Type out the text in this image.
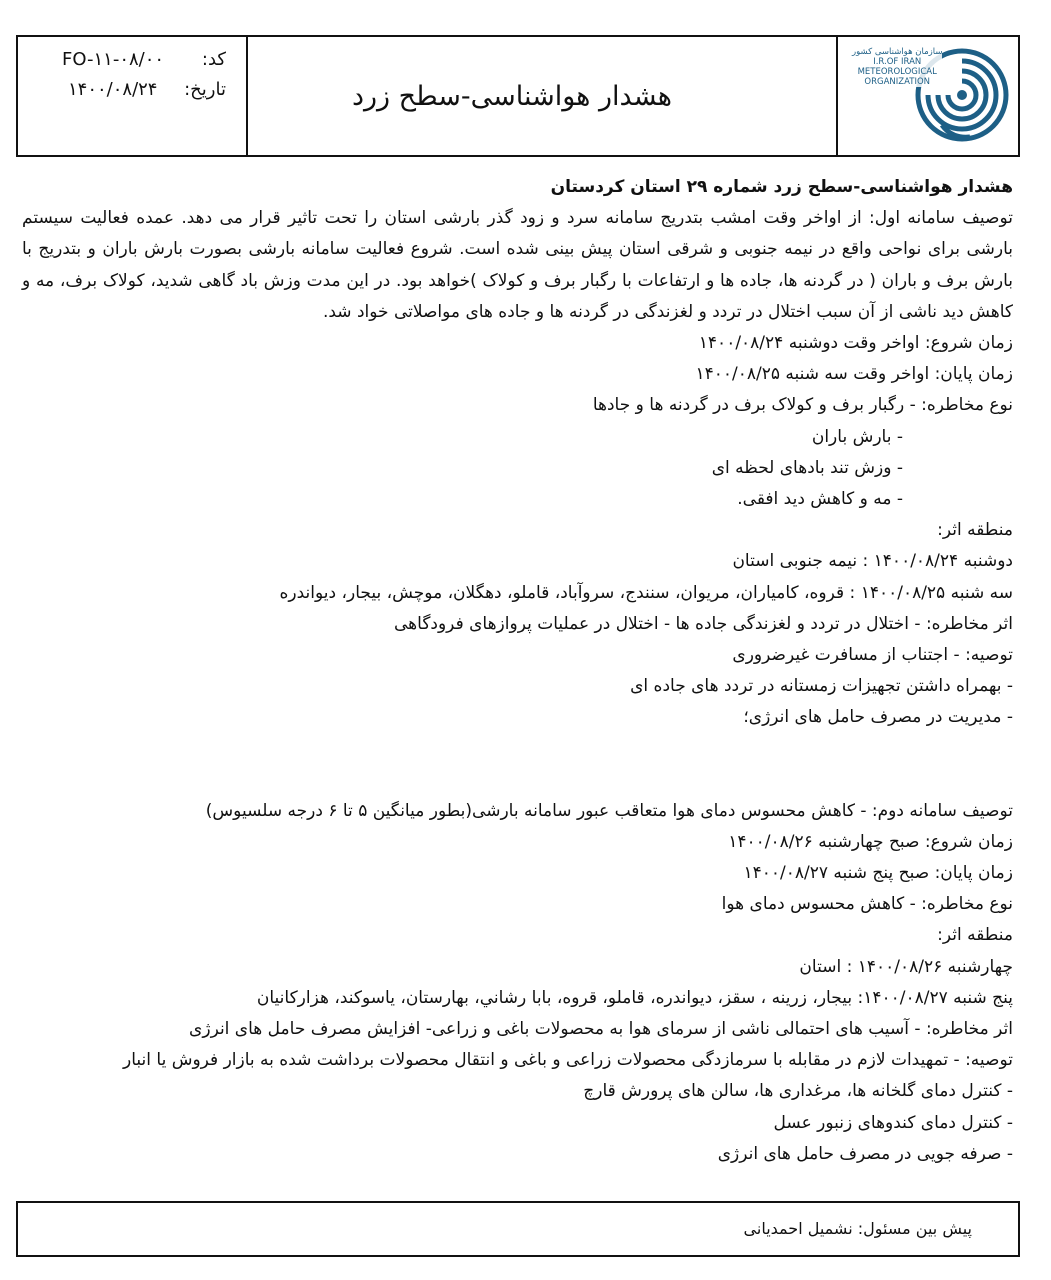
کد:
FO-۱۱-۰۸/۰۰
تاریخ:
۱۴۰۰/۰۸/۲۴	هشدار هواشناسی-سطح زرد
سازمان هواشناسی کشور
I.R.OF IRAN
METEOROLOGICAL
ORGANIZATION

هشدار هواشناسی-سطح زرد شماره ۲۹ استان کردستان

توصیف سامانه اول: از اواخر وقت امشب بتدریج سامانه سرد و زود گذر بارشی استان را تحت تاثیر قرار می دهد. عمده فعالیت سیستم بارشی برای نواحی واقع در نیمه جنوبی و شرقی استان پیش بینی شده است. شروع فعالیت سامانه بارشی بصورت بارش باران و بتدریج با بارش برف و باران ( در گردنه ها، جاده ها و ارتفاعات با رگبار برف و کولاک )خواهد بود. در این مدت وزش باد گاهی شدید، کولاک برف، مه و کاهش دید ناشی از آن سبب اختلال در تردد و لغزندگی در گردنه ها و جاده های مواصلاتی خواد شد.

زمان شروع: اواخر وقت دوشنبه ۱۴۰۰/۰۸/۲۴

زمان پایان: اواخر وقت سه شنبه ۱۴۰۰/۰۸/۲۵

نوع مخاطره: - رگبار برف و کولاک برف در گردنه ها و جادها

- بارش باران

- وزش تند بادهای لحظه ای

- مه و کاهش دید افقی.

منطقه اثر:

دوشنبه ۱۴۰۰/۰۸/۲۴ : نیمه جنوبی استان

سه شنبه ۱۴۰۰/۰۸/۲۵ : قروه، کامیاران، مریوان، سنندج، سروآباد، قاملو، دهگلان، موچش، بیجار، دیواندره

اثر مخاطره: - اختلال در تردد و لغزندگی جاده ها - اختلال در عملیات پروازهای فرودگاهی

توصیه: - اجتناب از مسافرت غیرضروری

- بهمراه داشتن تجهیزات زمستانه در تردد های جاده ای

- مدیریت در مصرف حامل های انرژی؛

توصیف سامانه دوم: - کاهش محسوس دمای هوا متعاقب عبور سامانه بارشی(بطور میانگین ۵ تا ۶ درجه سلسیوس)

زمان شروع: صبح چهارشنبه ۱۴۰۰/۰۸/۲۶

زمان پایان: صبح پنج شنبه ۱۴۰۰/۰۸/۲۷

نوع مخاطره: - کاهش محسوس دمای هوا

منطقه اثر:

چهارشنبه ۱۴۰۰/۰۸/۲۶ : استان

پنج شنبه ۱۴۰۰/۰۸/۲۷: بیجار، زرینه ، سقز، دیواندره، قاملو، قروه، بابا رشاني، بهارستان، یاسوکند، هزارکانیان

اثر مخاطره: - آسیب های احتمالی ناشی از سرمای هوا به محصولات باغی و زراعی- افزایش مصرف حامل های انرژی

توصیه: - تمهیدات لازم در مقابله با سرمازدگی محصولات زراعی و باغی و انتقال محصولات برداشت شده به بازار فروش یا انبار

- کنترل دمای گلخانه ها، مرغداری ها، سالن های پرورش قارچ

- کنترل دمای کندوهای زنبور عسل

- صرفه جویی در مصرف حامل های انرژی

پیش بین مسئول: نشمیل احمدیانی
